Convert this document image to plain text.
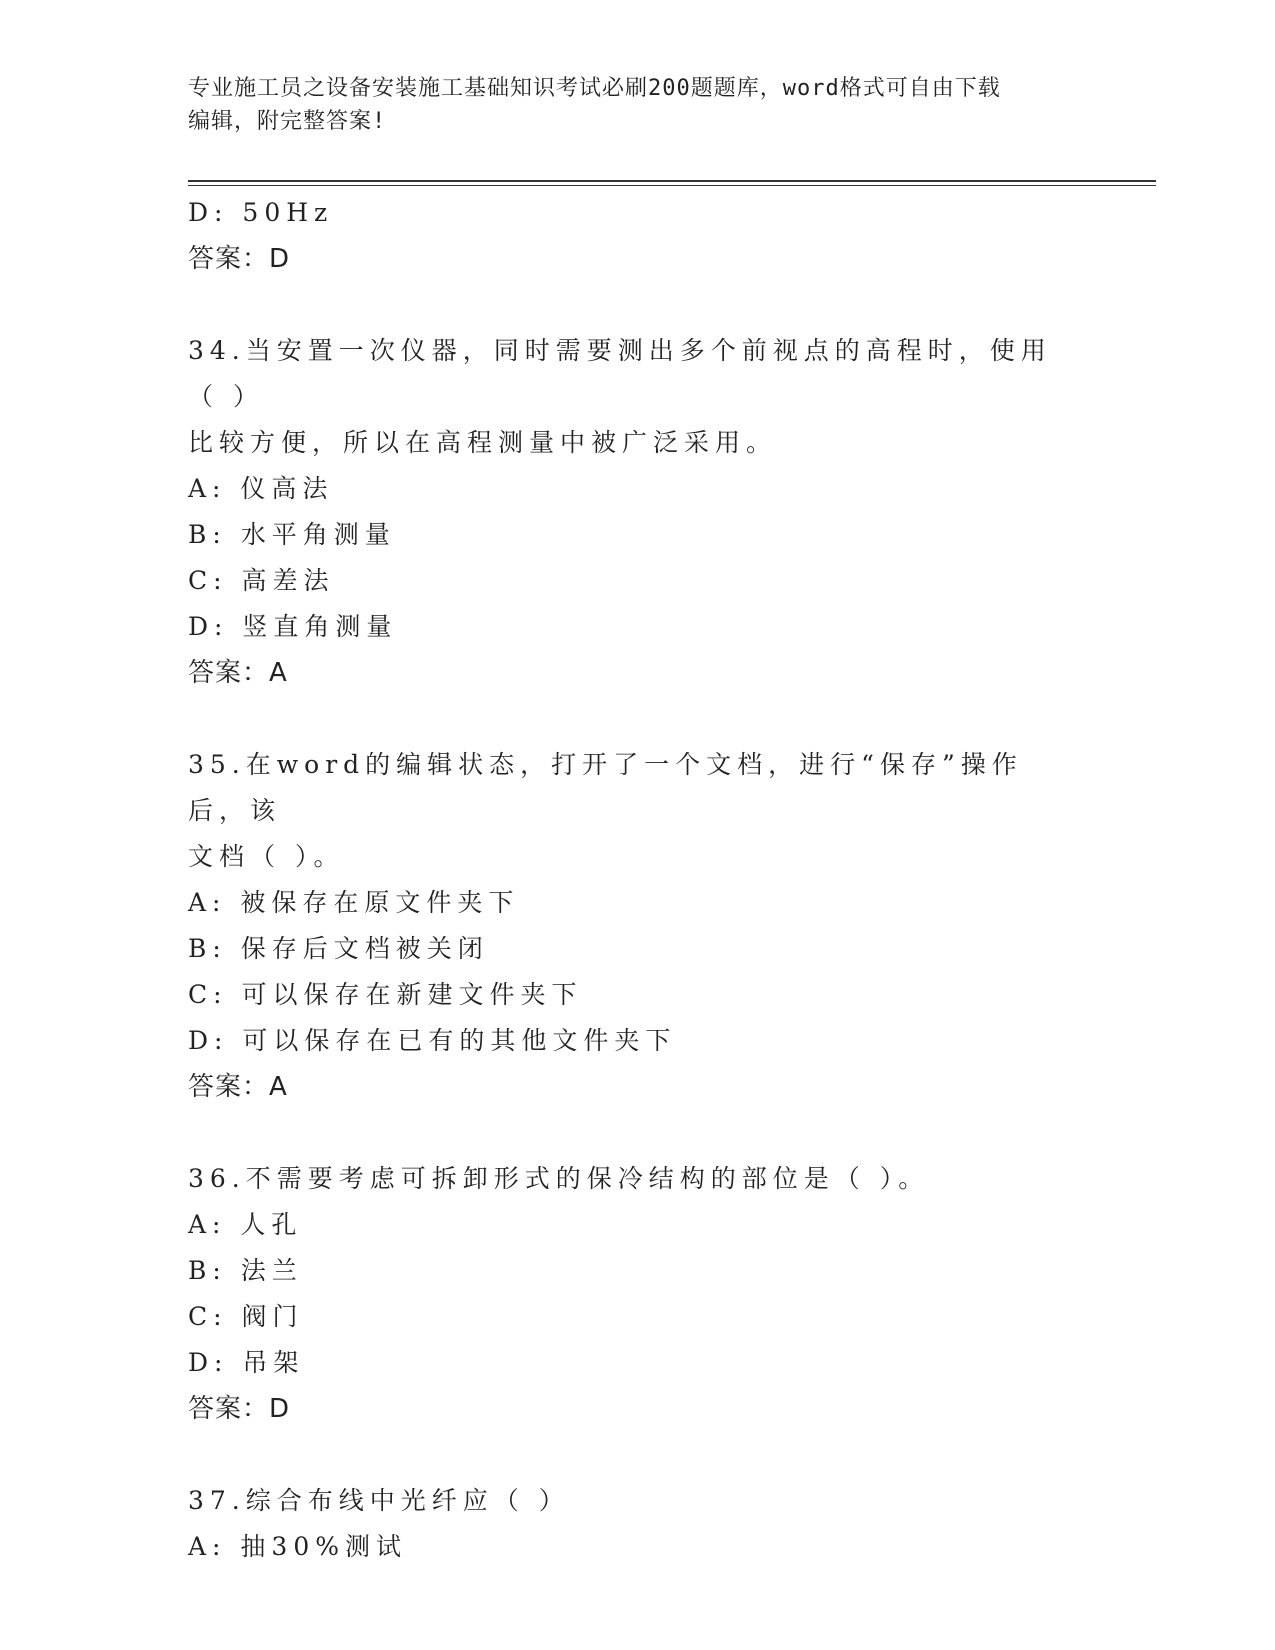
专业施工员之设备安装施工基础知识考试必刷200题题库，word格式可自由下载
编辑，附完整答案!

D: 50Hz

答案：D

34.当安置一次仪器，同时需要测出多个前视点的高程时，使用（ ）

比较方便，所以在高程测量中被广泛采用。

A: 仪高法

B: 水平角测量

C: 高差法

D: 竖直角测量

答案：A

35.在word的编辑状态，打开了一个文档，进行“保存”操作后，该

文档（ ）。

A: 被保存在原文件夹下

B: 保存后文档被关闭

C: 可以保存在新建文件夹下

D: 可以保存在已有的其他文件夹下

答案：A

36.不需要考虑可拆卸形式的保冷结构的部位是（ ）。

A: 人孔

B: 法兰

C: 阀门

D: 吊架

答案：D

37.综合布线中光纤应（ ）

A: 抽30%测试
